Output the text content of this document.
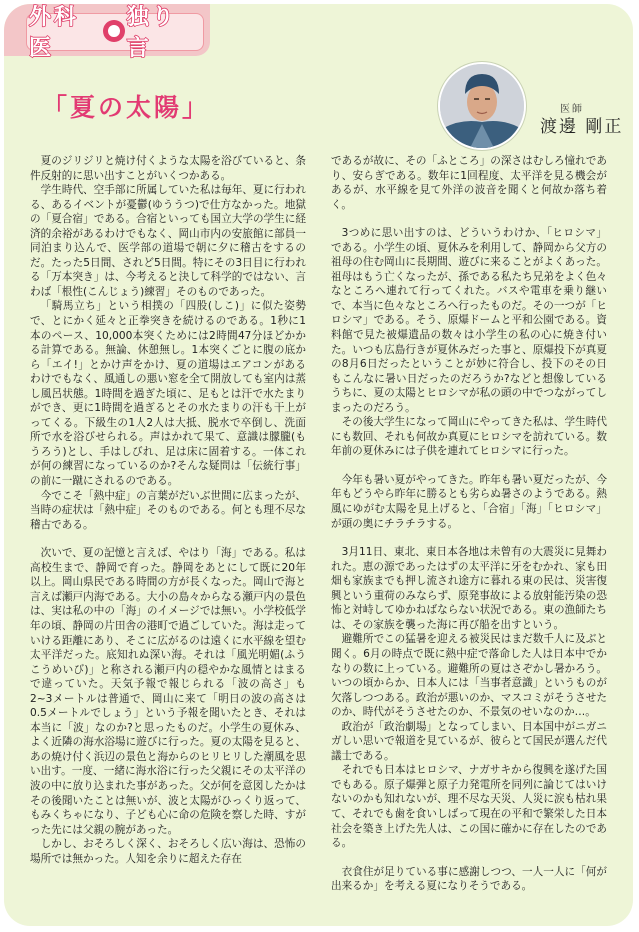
外科医
独り言
「夏の太陽」	医師
渡邊 剛正

夏のジリジリと焼け付くような太陽を浴びていると、条件反射的に思い出すことがいくつかある。

学生時代、空手部に所属していた私は毎年、夏に行われる、あるイベントが憂鬱(ゆううつ)で仕方なかった。地獄の「夏合宿」である。合宿といっても国立大学の学生に経済的余裕があるわけでもなく、岡山市内の安旅館に部員一同泊まり込んで、医学部の道場で朝に夕に稽古をするのだ。たった5日間、されど5日間。特にその3日目に行われる「万本突き」は、今考えると決して科学的ではない、言わば「根性(こんじょう)練習」そのものであった。

「騎馬立ち」という相撲の「四股(しこ)」に似た姿勢で、とにかく延々と正拳突きを続けるのである。1秒に1本のペース、10,000本突くためには2時間47分ほどかかる計算である。無論、休憩無し。1本突くごとに腹の底から「エイ!」とかけ声をかけ、夏の道場はエアコンがあるわけでもなく、風通しの悪い窓を全て開放しても室内は蒸し風呂状態。1時間を過ぎた頃に、足もとは汗で水たまりができ、更に1時間を過ぎるとその水たまりの汗も干上がってくる。下級生の1人2人は大抵、脱水で卒倒し、洗面所で水を浴びせられる。声はかれて果て、意識は朦朧(もうろう)とし、手はしびれ、足は床に固着する。一体これが何の練習になっているのか?そんな疑問は「伝統行事」の前に一蹴にされるのである。

今でこそ「熱中症」の言葉がだいぶ世間に広まったが、当時の症状は「熱中症」そのものである。何とも理不尽な稽古である。

次いで、夏の記憶と言えば、やはり「海」である。私は高校生まで、静岡で育った。静岡をあとにして既に20年以上。岡山県民である時間の方が長くなった。岡山で海と言えば瀬戸内海である。大小の島々からなる瀬戸内の景色は、実は私の中の「海」のイメージでは無い。小学校低学年の頃、静岡の片田舎の港町で過ごしていた。海は走っていける距離にあり、そこに広がるのは遠くに水平線を望む太平洋だった。底知れぬ深い海。それは「風光明媚(ふうこうめいび)」と称される瀬戸内の穏やかな風情とはまるで違っていた。天気予報で報じられる「波の高さ」も2~3メートルは普通で、岡山に来て「明日の波の高さは0.5メートルでしょう」という予報を聞いたとき、それは本当に「波」なのか?と思ったものだ。小学生の夏休み、よく近隣の海水浴場に遊びに行った。夏の太陽を見ると、あの焼け付く浜辺の景色と海からのヒリヒリした潮風を思い出す。一度、一緒に海水浴に行った父親にその太平洋の波の中に放り込まれた事があった。父が何を意図したかはその後聞いたことは無いが、波と太陽がひっくり返って、もみくちゃになり、子ども心に命の危険を察した時、すがった先には父親の腕があった。

しかし、おそろしく深く、おそろしく広い海は、恐怖の場所では無かった。人知を余りに超えた存在

であるが故に、その「ふところ」の深さはむしろ憧れであり、安らぎである。数年に1回程度、太平洋を見る機会があるが、水平線を見て外洋の波音を聞くと何故か落ち着く。

3つめに思い出すのは、どういうわけか、「ヒロシマ」である。小学生の頃、夏休みを利用して、静岡から父方の祖母の住む岡山に長期間、遊びに来ることがよくあった。祖母はもう亡くなったが、孫である私たち兄弟をよく色々なところへ連れて行ってくれた。バスや電車を乗り継いで、本当に色々なところへ行ったものだ。その一つが「ヒロシマ」である。そう、原爆ドームと平和公園である。資料館で見た被爆遺品の数々は小学生の私の心に焼き付いた。いつも広島行きが夏休みだった事と、原爆投下が真夏の8月6日だったということが妙に符合し、投下のその日もこんなに暑い日だったのだろうか?などと想像しているうちに、夏の太陽とヒロシマが私の頭の中でつながってしまったのだろう。

その後大学生になって岡山にやってきた私は、学生時代にも数回、それも何故か真夏にヒロシマを訪れている。数年前の夏休みには子供を連れてヒロシマに行った。

今年も暑い夏がやってきた。昨年も暑い夏だったが、今年もどうやら昨年に勝るとも劣らぬ暑さのようである。熱風にゆがむ太陽を見上げると、「合宿」「海」「ヒロシマ」が頭の奥にチラチラする。

3月11日、東北、東日本各地は未曾有の大震災に見舞われた。恵の源であったはずの太平洋に牙をむかれ、家も田畑も家族までも押し流され途方に暮れる東の民は、災害復興という重荷のみならず、原発事故による放射能汚染の恐怖と対峙してゆかねばならない状況である。東の漁師たちは、その家族を襲った海に再び船を出すという。

避難所でこの猛暑を迎える被災民はまだ数千人に及ぶと聞く。6月の時点で既に熱中症で落命した人は日本中でかなりの数に上っている。避難所の夏はさぞかし暑かろう。いつの頃からか、日本人には「当事者意識」というものが欠落しつつある。政治が悪いのか、マスコミがそうさせたのか、時代がそうさせたのか、不景気のせいなのか…。

政治が「政治劇場」となってしまい、日本国中がニガニガしい思いで報道を見ているが、彼らとて国民が選んだ代議士である。

それでも日本はヒロシマ、ナガサキから復興を遂げた国でもある。原子爆弾と原子力発電所を同列に論じてはいけないのかも知れないが、理不尽な天災、人災に涙も枯れ果て、それでも歯を食いしばって現在の平和で繁栄した日本社会を築き上げた先人は、この国に確かに存在したのである。

衣食住が足りている事に感謝しつつ、一人一人に「何が出来るか」を考える夏になりそうである。
